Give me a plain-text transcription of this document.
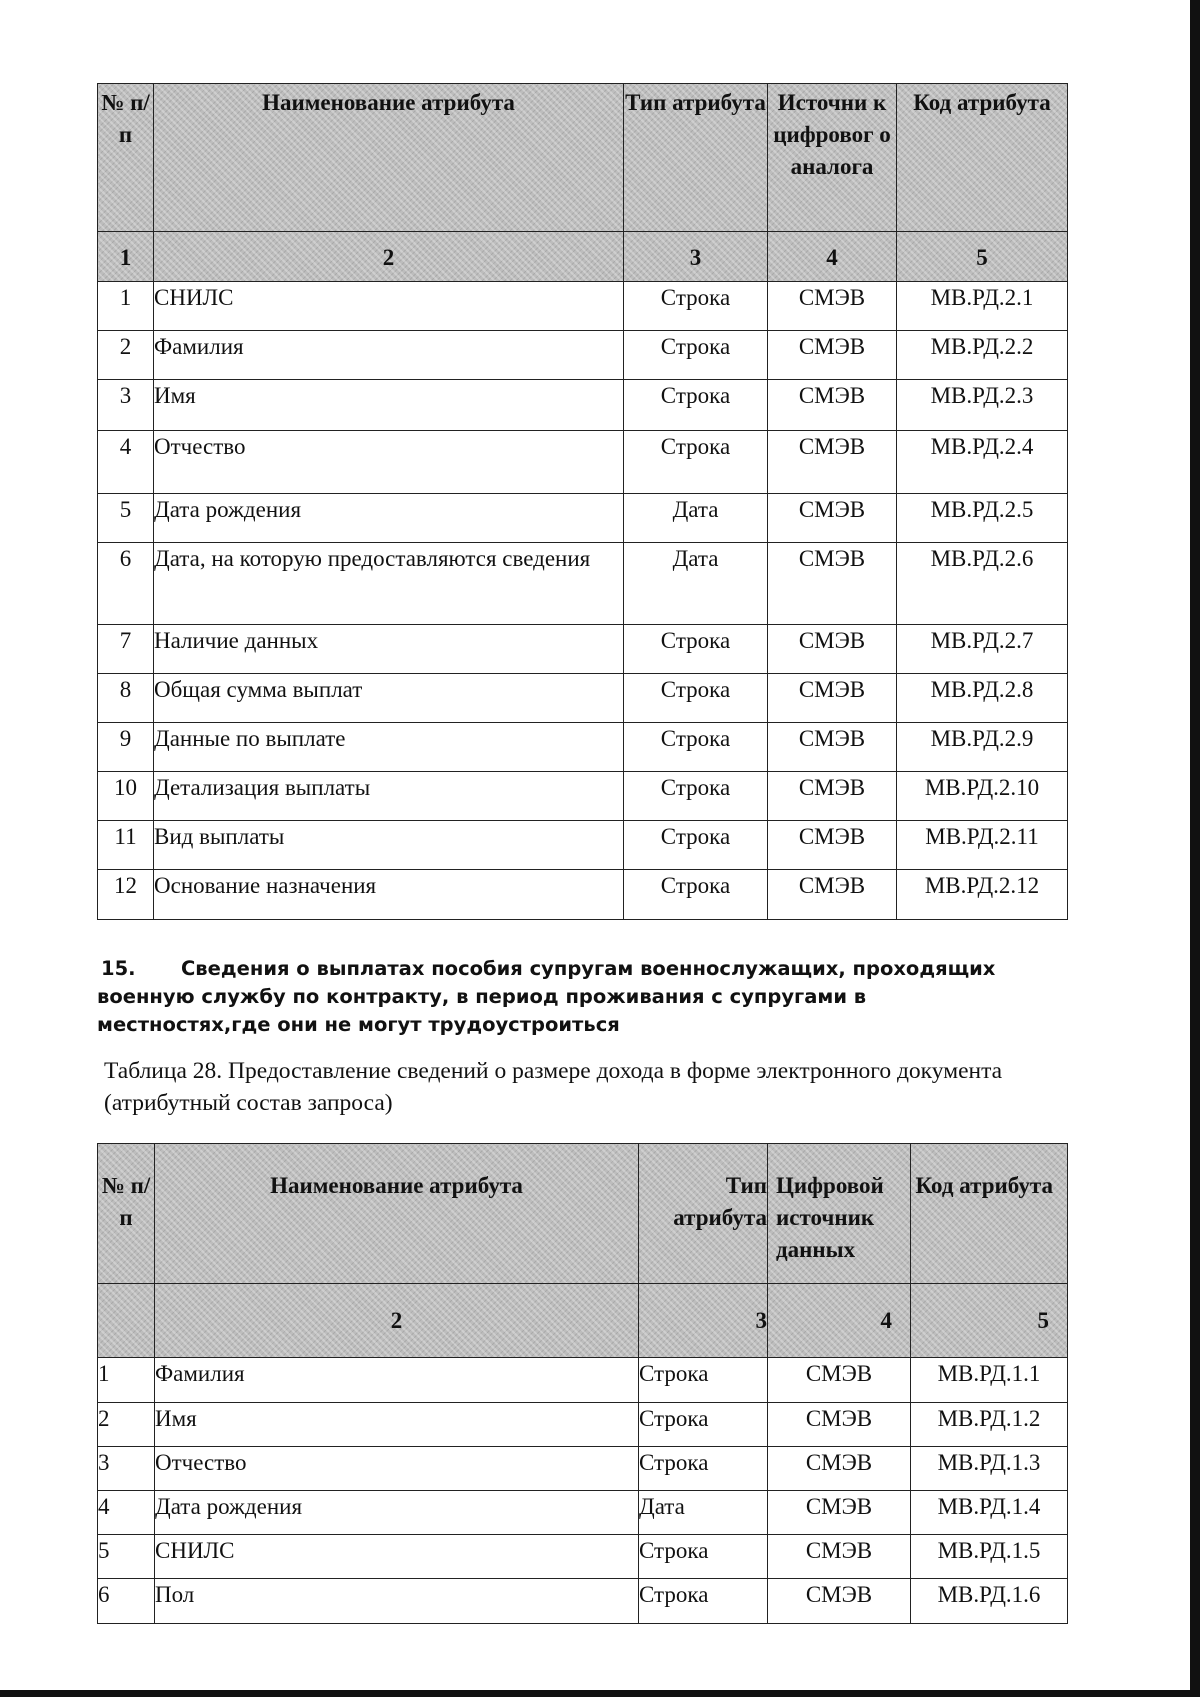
№ п/п	Наименование атрибута	Тип атрибута	Источни к цифровог о аналога	Код атрибута
1	2	3	4	5
1	СНИЛС	Строка	СМЭВ	МВ.РД.2.1
2	Фамилия	Строка	СМЭВ	МВ.РД.2.2
3	Имя	Строка	СМЭВ	МВ.РД.2.3
4	Отчество	Строка	СМЭВ	МВ.РД.2.4
5	Дата рождения	Дата	СМЭВ	МВ.РД.2.5
6	Дата, на которую предоставляются сведения	Дата	СМЭВ	МВ.РД.2.6
7	Наличие данных	Строка	СМЭВ	МВ.РД.2.7
8	Общая сумма выплат	Строка	СМЭВ	МВ.РД.2.8
9	Данные по выплате	Строка	СМЭВ	МВ.РД.2.9
10	Детализация выплаты	Строка	СМЭВ	МВ.РД.2.10
11	Вид выплаты	Строка	СМЭВ	МВ.РД.2.11
12	Основание назначения	Строка	СМЭВ	МВ.РД.2.12

15. Сведения о выплатах пособия супругам военнослужащих, проходящих военную службу по контракту, в период проживания с супругами в местностях,где они не могут трудоустроиться

Таблица 28. Предоставление сведений о размере дохода в форме электронного документа (атрибутный состав запроса)

№ п/п	Наименование атрибута	Тип атрибута	Цифровой источник данных	Код атрибута
	2	3	4	5
1	Фамилия	Строка	СМЭВ	МВ.РД.1.1
2	Имя	Строка	СМЭВ	МВ.РД.1.2
3	Отчество	Строка	СМЭВ	МВ.РД.1.3
4	Дата рождения	Дата	СМЭВ	МВ.РД.1.4
5	СНИЛС	Строка	СМЭВ	МВ.РД.1.5
6	Пол	Строка	СМЭВ	МВ.РД.1.6
